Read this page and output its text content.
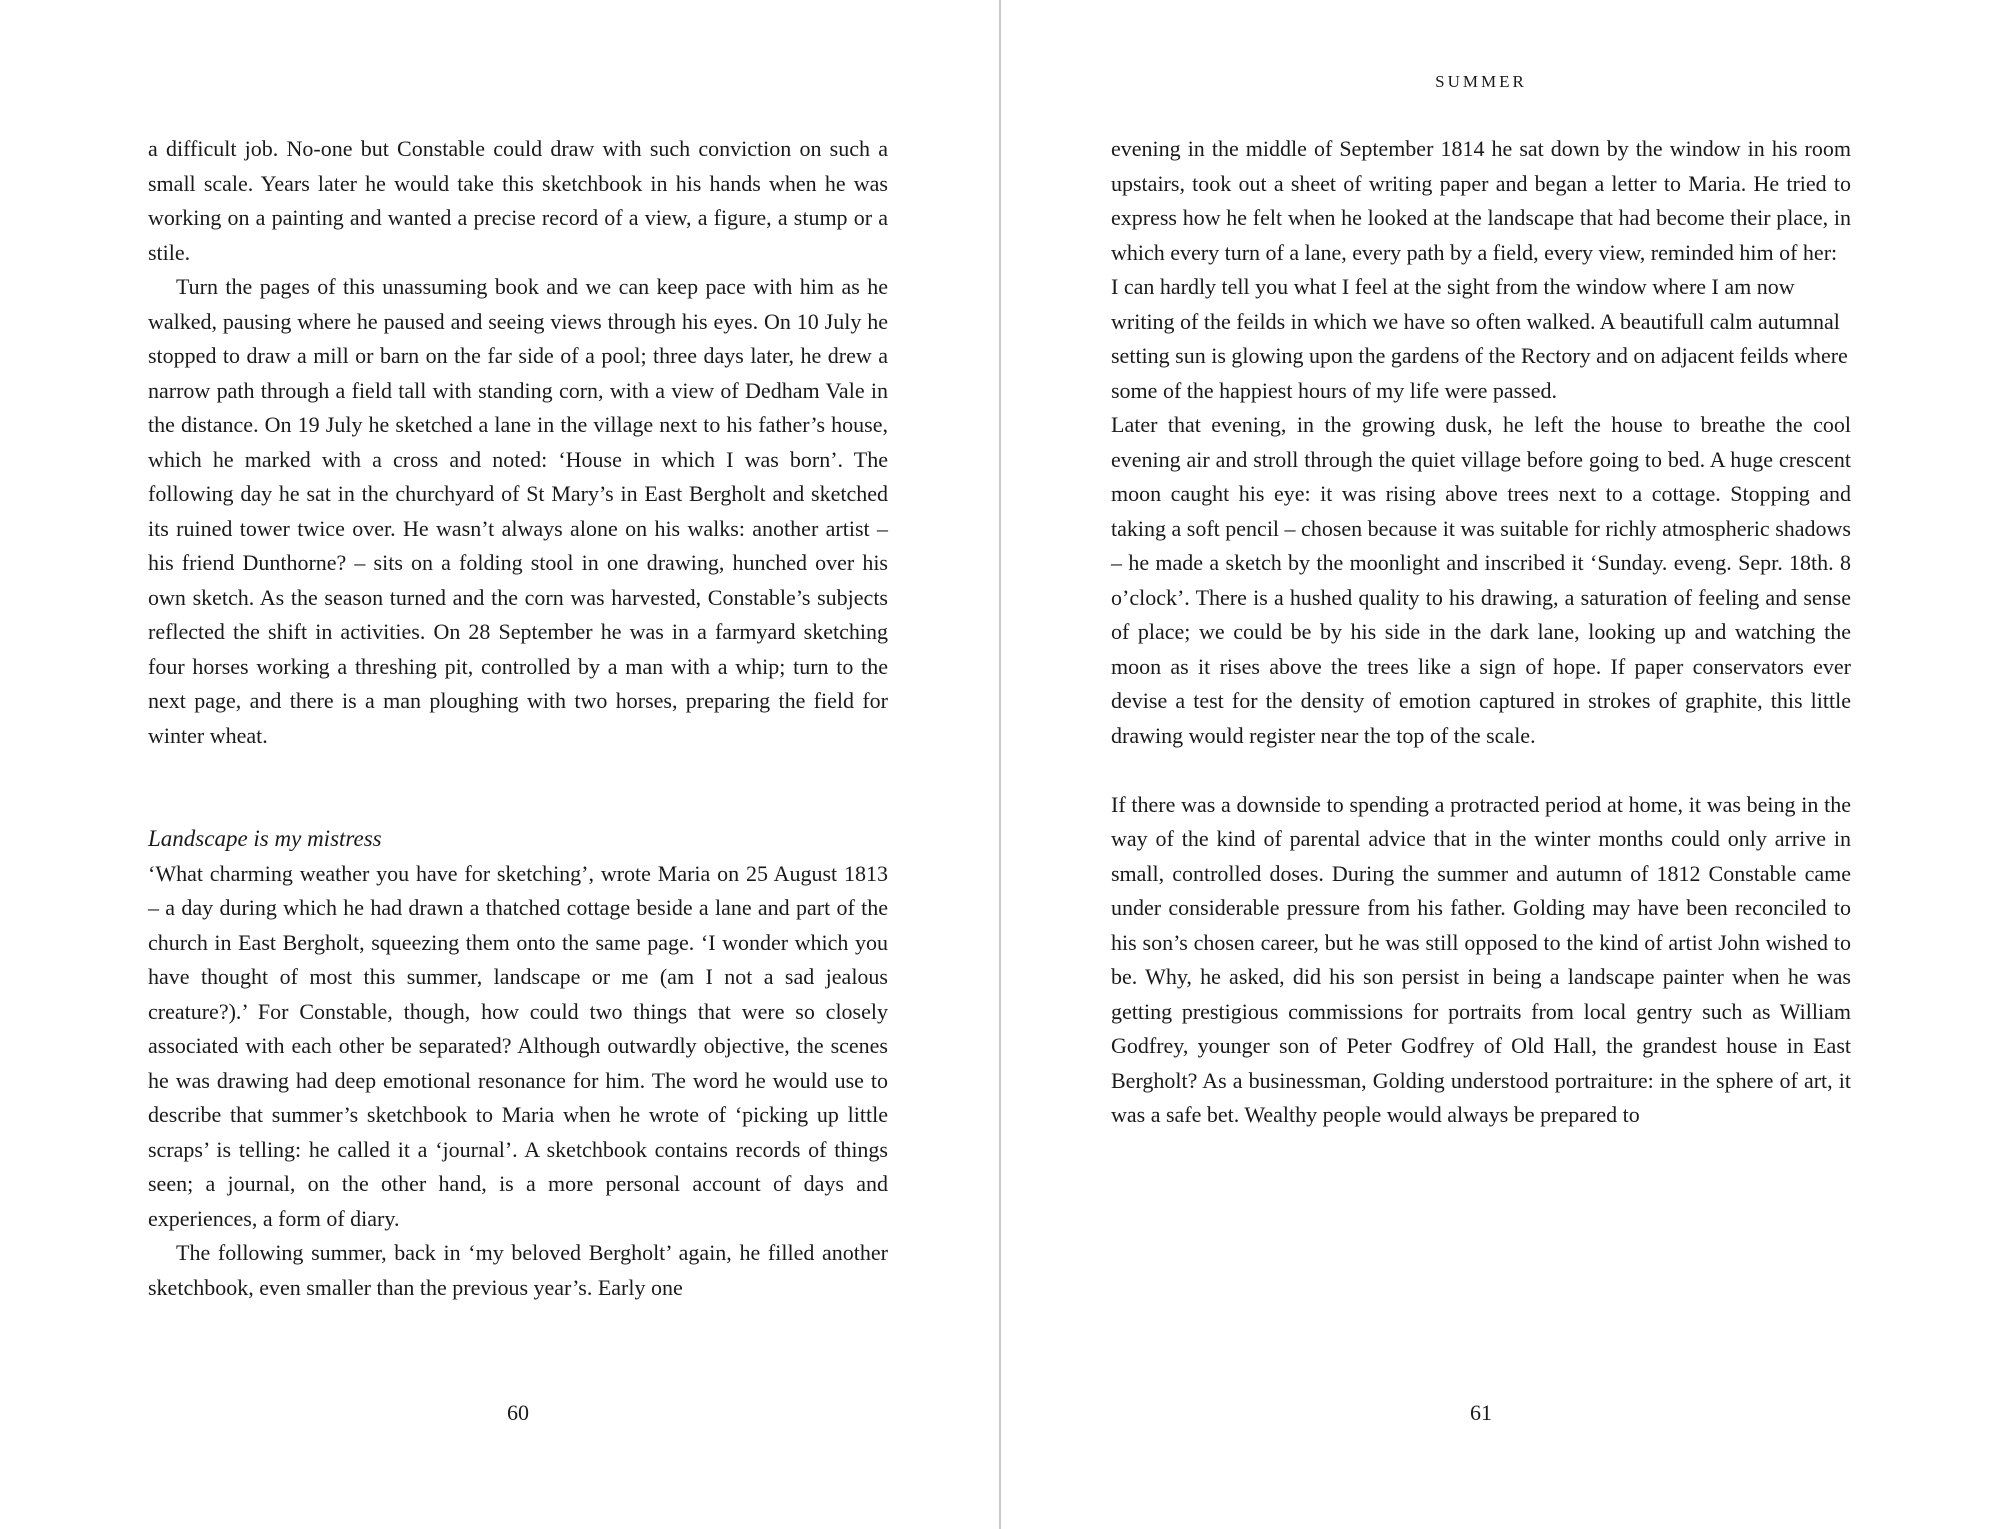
a difficult job. No-one but Constable could draw with such conviction on such a small scale. Years later he would take this sketchbook in his hands when he was working on a painting and wanted a precise record of a view, a figure, a stump or a stile.

Turn the pages of this unassuming book and we can keep pace with him as he walked, pausing where he paused and seeing views through his eyes. On 10 July he stopped to draw a mill or barn on the far side of a pool; three days later, he drew a narrow path through a field tall with standing corn, with a view of Dedham Vale in the distance. On 19 July he sketched a lane in the village next to his father’s house, which he marked with a cross and noted: ‘House in which I was born’. The following day he sat in the churchyard of St Mary’s in East Bergholt and sketched its ruined tower twice over. He wasn’t always alone on his walks: another artist – his friend Dunthorne? – sits on a folding stool in one drawing, hunched over his own sketch. As the season turned and the corn was harvested, Constable’s subjects reflected the shift in activities. On 28 September he was in a farmyard sketching four horses working a threshing pit, controlled by a man with a whip; turn to the next page, and there is a man ploughing with two horses, preparing the field for winter wheat.

Landscape is my mistress

‘What charming weather you have for sketching’, wrote Maria on 25 August 1813 – a day during which he had drawn a thatched cottage beside a lane and part of the church in East Bergholt, squeezing them onto the same page. ‘I wonder which you have thought of most this summer, landscape or me (am I not a sad jealous creature?).’ For Constable, though, how could two things that were so closely associated with each other be separated? Although outwardly objective, the scenes he was drawing had deep emotional resonance for him. The word he would use to describe that summer’s sketchbook to Maria when he wrote of ‘picking up little scraps’ is telling: he called it a ‘journal’. A sketchbook contains records of things seen; a journal, on the other hand, is a more personal account of days and experiences, a form of diary.

The following summer, back in ‘my beloved Bergholt’ again, he filled another sketchbook, even smaller than the previous year’s. Early one

60
SUMMER

evening in the middle of September 1814 he sat down by the window in his room upstairs, took out a sheet of writing paper and began a letter to Maria. He tried to express how he felt when he looked at the landscape that had become their place, in which every turn of a lane, every path by a field, every view, reminded him of her:

I can hardly tell you what I feel at the sight from the window where I am now writing of the feilds in which we have so often walked. A beautifull calm autumnal setting sun is glowing upon the gardens of the Rectory and on adjacent feilds where some of the happiest hours of my life were passed.

Later that evening, in the growing dusk, he left the house to breathe the cool evening air and stroll through the quiet village before going to bed. A huge crescent moon caught his eye: it was rising above trees next to a cottage. Stopping and taking a soft pencil – chosen because it was suitable for richly atmospheric shadows – he made a sketch by the moonlight and inscribed it ‘Sunday. eveng. Sepr. 18th. 8 o’clock’. There is a hushed quality to his drawing, a saturation of feeling and sense of place; we could be by his side in the dark lane, looking up and watching the moon as it rises above the trees like a sign of hope. If paper conservators ever devise a test for the density of emotion captured in strokes of graphite, this little drawing would register near the top of the scale.

If there was a downside to spending a protracted period at home, it was being in the way of the kind of parental advice that in the winter months could only arrive in small, controlled doses. During the summer and autumn of 1812 Constable came under considerable pressure from his father. Golding may have been reconciled to his son’s chosen career, but he was still opposed to the kind of artist John wished to be. Why, he asked, did his son persist in being a landscape painter when he was getting prestigious commissions for portraits from local gentry such as William Godfrey, younger son of Peter Godfrey of Old Hall, the grandest house in East Bergholt? As a businessman, Golding understood portraiture: in the sphere of art, it was a safe bet. Wealthy people would always be prepared to

61
